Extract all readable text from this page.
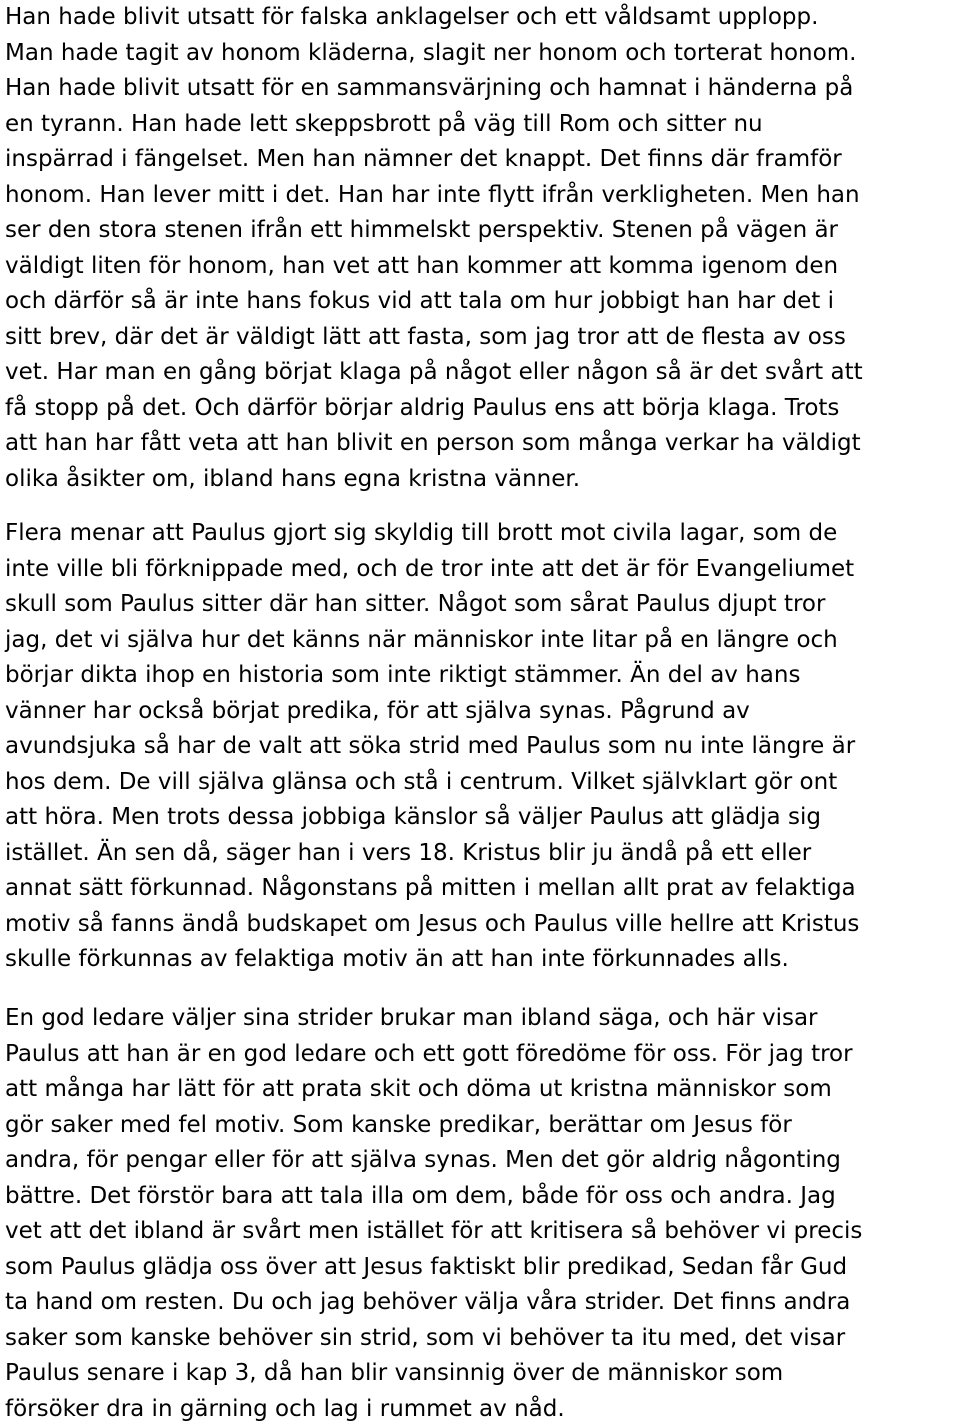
Han hade blivit utsatt för falska anklagelser och ett våldsamt upplopp.
Man hade tagit av honom kläderna, slagit ner honom och torterat honom.
Han hade blivit utsatt för en sammansvärjning och hamnat i händerna på
en tyrann. Han hade lett skeppsbrott på väg till Rom och sitter nu
inspärrad i fängelset. Men han nämner det knappt. Det finns där framför
honom. Han lever mitt i det. Han har inte flytt ifrån verkligheten. Men han
ser den stora stenen ifrån ett himmelskt perspektiv. Stenen på vägen är
väldigt liten för honom, han vet att han kommer att komma igenom den
och därför så är inte hans fokus vid att tala om hur jobbigt han har det i
sitt brev, där det är väldigt lätt att fasta, som jag tror att de flesta av oss
vet. Har man en gång börjat klaga på något eller någon så är det svårt att
få stopp på det. Och därför börjar aldrig Paulus ens att börja klaga. Trots
att han har fått veta att han blivit en person som många verkar ha väldigt
olika åsikter om, ibland hans egna kristna vänner.
Flera menar att Paulus gjort sig skyldig till brott mot civila lagar, som de
inte ville bli förknippade med, och de tror inte att det är för Evangeliumet
skull som Paulus sitter där han sitter. Något som sårat Paulus djupt tror
jag, det vi själva hur det känns när människor inte litar på en längre och
börjar dikta ihop en historia som inte riktigt stämmer. Än del av hans
vänner har också börjat predika, för att själva synas. Pågrund av
avundsjuka så har de valt att söka strid med Paulus som nu inte längre är
hos dem. De vill själva glänsa och stå i centrum. Vilket självklart gör ont
att höra. Men trots dessa jobbiga känslor så väljer Paulus att glädja sig
istället. Än sen då, säger han i vers 18. Kristus blir ju ändå på ett eller
annat sätt förkunnad. Någonstans på mitten i mellan allt prat av felaktiga
motiv så fanns ändå budskapet om Jesus och Paulus ville hellre att Kristus
skulle förkunnas av felaktiga motiv än att han inte förkunnades alls.
En god ledare väljer sina strider brukar man ibland säga, och här visar
Paulus att han är en god ledare och ett gott föredöme för oss. För jag tror
att många har lätt för att prata skit och döma ut kristna människor som
gör saker med fel motiv. Som kanske predikar, berättar om Jesus för
andra, för pengar eller för att själva synas. Men det gör aldrig någonting
bättre. Det förstör bara att tala illa om dem, både för oss och andra. Jag
vet att det ibland är svårt men istället för att kritisera så behöver vi precis
som Paulus glädja oss över att Jesus faktiskt blir predikad, Sedan får Gud
ta hand om resten. Du och jag behöver välja våra strider. Det finns andra
saker som kanske behöver sin strid, som vi behöver ta itu med, det visar
Paulus senare i kap 3, då han blir vansinnig över de människor som
försöker dra in gärning och lag i rummet av nåd.
